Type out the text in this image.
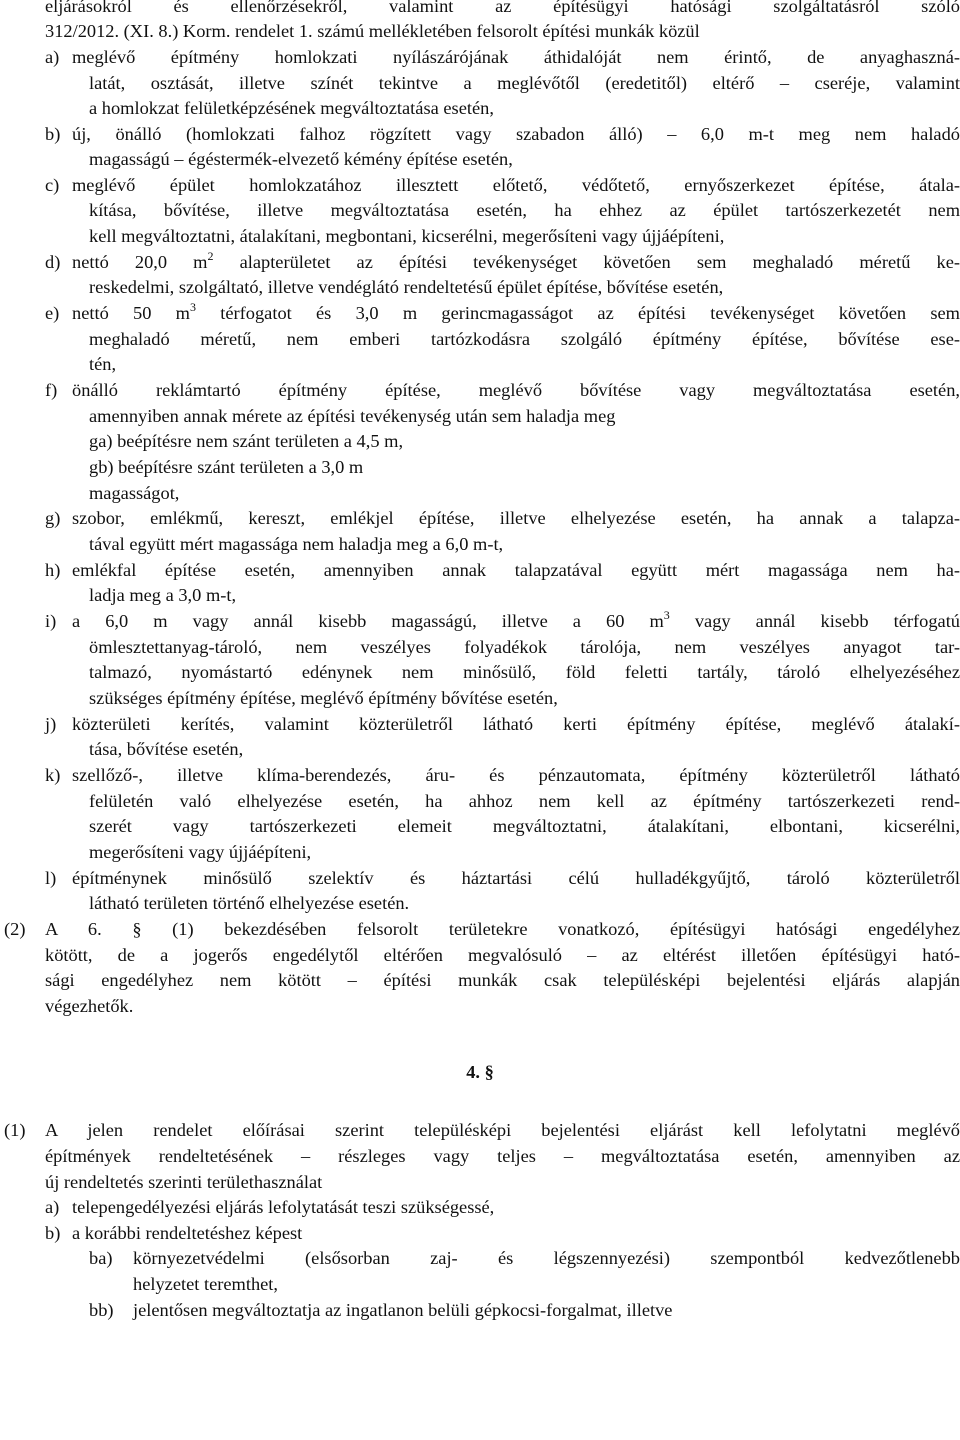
eljárásokról és ellenőrzésekről, valamint az építésügyi hatósági szolgáltatásról szóló
312/2012. (XI. 8.) Korm. rendelet 1. számú mellékletében felsorolt építési munkák közül
a) meglévő építmény homlokzati nyílászárójának áthidalóját nem érintő, de anyaghaszná-
latát, osztását, illetve színét tekintve a meglévőtől (eredetitől) eltérő – cseréje, valamint
a homlokzat felületképzésének megváltoztatása esetén,
b) új, önálló (homlokzati falhoz rögzített vagy szabadon álló) – 6,0 m-t meg nem haladó
magasságú – égéstermék-elvezető kémény építése esetén,
c) meglévő épület homlokzatához illesztett előtető, védőtető, ernyőszerkezet építése, átala-
kítása, bővítése, illetve megváltoztatása esetén, ha ehhez az épület tartószerkezetét nem
kell megváltoztatni, átalakítani, megbontani, kicserélni, megerősíteni vagy újjáépíteni,
d) nettó 20,0 $m^2$ alapterületet az építési tevékenységet követően sem meghaladó méretű ke-
reskedelmi, szolgáltató, illetve vendéglátó rendeltetésű épület építése, bővítése esetén,
e) nettó 50 $m^3$ térfogatot és 3,0 m gerincmagasságot az építési tevékenységet követően sem
meghaladó méretű, nem emberi tartózkodásra szolgáló építmény építése, bővítése ese-
tén,
f) önálló reklámtartó építmény építése, meglévő bővítése vagy megváltoztatása esetén,
amennyiben annak mérete az építési tevékenység után sem haladja meg
ga) beépítésre nem szánt területen a 4,5 m,
gb) beépítésre szánt területen a 3,0 m
magasságot,
g) szobor, emlékmű, kereszt, emlékjel építése, illetve elhelyezése esetén, ha annak a talapza-
tával együtt mért magassága nem haladja meg a 6,0 m-t,
h) emlékfal építése esetén, amennyiben annak talapzatával együtt mért magassága nem ha-
ladja meg a 3,0 m-t,
i) a 6,0 m vagy annál kisebb magasságú, illetve a 60 $m^3$ vagy annál kisebb térfogatú
ömlesztettanyag-tároló, nem veszélyes folyadékok tárolója, nem veszélyes anyagot tar-
talmazó, nyomástartó edénynek nem minősülő, föld feletti tartály, tároló elhelyezéséhez
szükséges építmény építése, meglévő építmény bővítése esetén,
j) közterületi kerítés, valamint közterületről látható kerti építmény építése, meglévő átalakí-
tása, bővítése esetén,
k) szellőző-, illetve klíma-berendezés, áru- és pénzautomata, építmény közterületről látható
felületén való elhelyezése esetén, ha ahhoz nem kell az építmény tartószerkezeti rend-
szerét vagy tartószerkezeti elemeit megváltoztatni, átalakítani, elbontani, kicserélni,
megerősíteni vagy újjáépíteni,
l) építménynek minősülő szelektív és háztartási célú hulladékgyűjtő, tároló közterületről
látható területen történő elhelyezése esetén.
(2) A 6. § (1) bekezdésében felsorolt területekre vonatkozó, építésügyi hatósági engedélyhez
kötött, de a jogerős engedélytől eltérően megvalósuló – az eltérést illetően építésügyi ható-
sági engedélyhez nem kötött – építési munkák csak településképi bejelentési eljárás alapján
végezhetők.
4. §
(1) A jelen rendelet előírásai szerint településképi bejelentési eljárást kell lefolytatni meglévő
építmények rendeltetésének – részleges vagy teljes – megváltoztatása esetén, amennyiben az
új rendeltetés szerinti területhasználat
a) telepengedélyezési eljárás lefolytatását teszi szükségessé,
b) a korábbi rendeltetéshez képest
ba) környezetvédelmi (elsősorban zaj- és légszennyezési) szempontból kedvezőtlenebb
helyzetet teremthet,
bb) jelentősen megváltoztatja az ingatlanon belüli gépkocsi-forgalmat, illetve
